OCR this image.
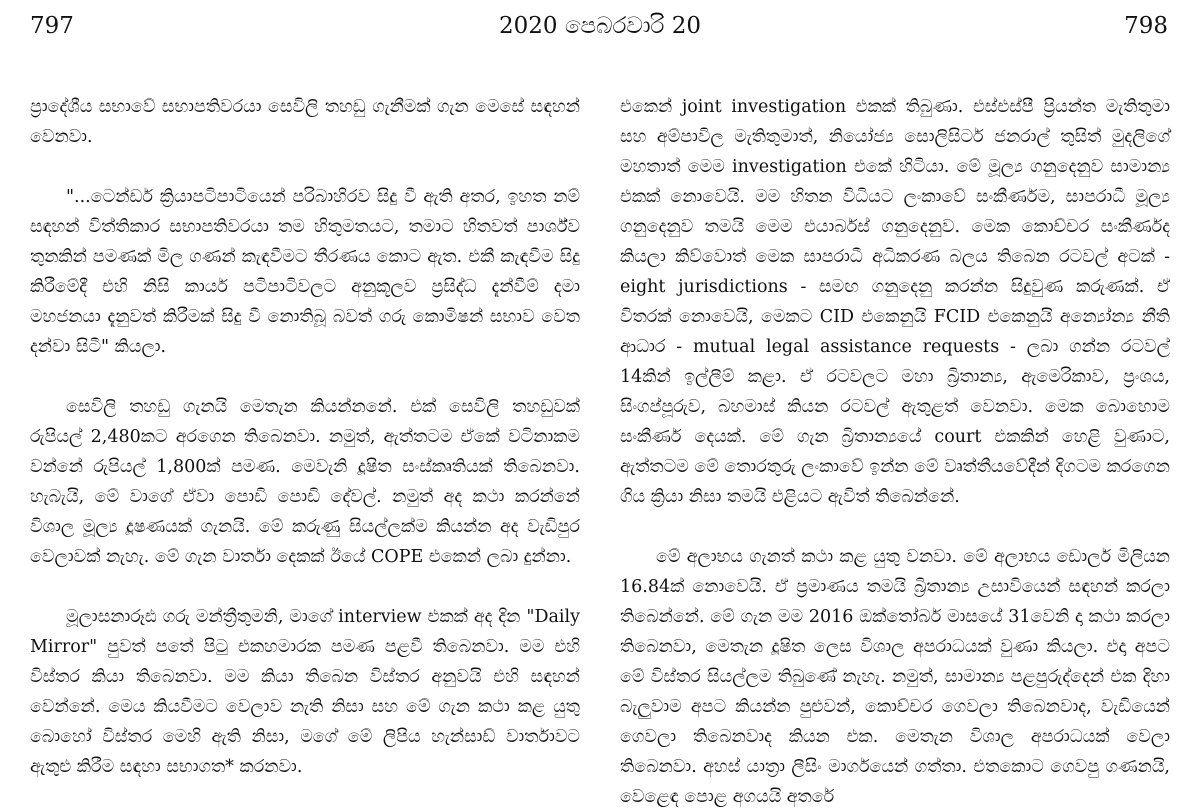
797	2020 පෙබරවාරි 20	798

ප්‍රාදේශීය සභාවේ සභාපතිවරයා සෙවිලි තහඩු ගැනීමක් ගැන මෙසේ සඳහන් වෙනවා.

"...ටෙන්ඩර් ක්‍රියාපටිපාටියෙන් පරිබාහිරව සිදු වී ඇති අතර, ඉහත නම් සඳහන් විත්තිකාර සභාපතිවරයා තම හිතුමතයට, තමාට හිතවත් පාර්ශ්ව තුනකින් පමණක් මිල ගණන් කැඳවීමට තීරණය කොට ඇත. එකී කැඳවීම සිදු කිරීමේදී එහි නිසි කාර්ය පටිපාටිවලට අනුකූලව ප්‍රසිද්ධ දැන්වීම් දමා මහජනයා දැනුවත් කිරීමක් සිදු වී නොතිබූ බවත් ගරු කොමිෂන් සභාව වෙත දන්වා සිටී" කියලා.

සෙවිලි තහඩු ගැනයි මෙතැන කියන්නනේ. එක් සෙවිලි තහඩුවක් රුපියල් 2,480කට අරගෙන තිබෙනවා. නමුත්, ඇත්තටම ඒකේ වටිනාකම වන්නේ රුපියල් 1,800ක් පමණ. මෙවැනි දූෂිත සංස්කෘතියක් තිබෙනවා. හැබැයි, මේ වාගේ ඒවා පොඩි පොඩි දේවල්. නමුත් අද කථා කරන්නේ විශාල මූල්‍ය දූෂණයක් ගැනයි. මේ කරුණු සියල්ලක්ම කියන්න අද වැඩිපුර වෙලාවක් නැහැ. මේ ගැන වාර්තා දෙකක් ඊයේ COPE එකෙන් ලබා දුන්නා.

මූලාසනාරූඪ ගරු මන්ත්‍රීතුමනි, මාගේ interview එකක් අද දින "Daily Mirror" පුවත් පතේ පිටු එකහමාරක පමණ පළවී තිබෙනවා. මම එහි විස්තර කියා තිබෙනවා. මම කියා තිබෙන විස්තර අනුවයි එහි සඳහන් වෙන්නේ. මෙය කියවීමට වෙලාව නැති නිසා සහ මේ ගැන කථා කළ යුතු බොහෝ විස්තර මෙහි ඇති නිසා, මගේ මේ ලිපිය හැන්සාඩ් වාර්තාවට ඇතුළු කිරීම සඳහා සභාගත* කරනවා.

එකෙන් joint investigation එකක් තිබුණා. එස්එස්පී ප්‍රියන්ත මැතිතුමා සහ අම්පාවිල මැතිතුමාත්, නියෝජ්‍ය සොලිසිටර් ජනරාල් තුසිත් මුදලිගේ මහතාත් මෙම investigation එකේ හිටියා. මේ මූල්‍ය ගනුදෙනුව සාමාන්‍ය එකක් නොවෙයි. මම හිතන විධියට ලංකාවේ සංකීර්ණම, සාපරාධී මූල්‍ය ගනුදෙනුව තමයි මෙම එයාර්බස් ගනුදෙනුව. මෙක කොච්චර සංකීර්ණද කියලා කිව්වොත් මෙක සාපරාධී අධිකරණ බලය තිබෙන රටවල් අටක් - eight jurisdictions - සමඟ ගනුදෙනු කරන්න සිදුවුණ කරුණක්. ඒ විතරක් නොවෙයි, මෙකට CID එකෙනුයි FCID එකෙනුයි අන්‍යෝන්‍ය නීති ආධාර - mutual legal assistance requests - ලබා ගන්න රටවල් 14කින් ඉල්ලීම් කළා. ඒ රටවලට මහා බ්‍රිතාන්‍ය, ඇමෙරිකාව, ප්‍රංශය, සිංගප්පූරුව, බහමාස් කියන රටවල් ඇතුළත් වෙනවා. මෙක බොහොම සංකීර්ණ දෙයක්. මේ ගැන බ්‍රිතාන්‍යයේ court එකකින් හෙළි වුණාට, ඇත්තටම මේ තොරතුරු ලංකාවේ ඉන්න මේ වෘත්තීයවේදීන් දිගටම කරගෙන ගිය ක්‍රියා නිසා තමයි එළියට ඇවිත් තිබෙන්නේ.

මේ අලාභය ගැනත් කථා කළ යුතු වනවා. මේ අලාභය ඩොලර් මිලියන 16.84ක් නොවෙයි. ඒ ප්‍රමාණය තමයි බ්‍රිතාන්‍ය උසාවියෙන් සඳහන් කරලා තිබෙන්නේ. මේ ගැන මම 2016 ඔක්තෝබර් මාසයේ 31වෙනි දා කථා කරලා තිබෙනවා, මෙතැන දූෂිත ලෙස විශාල අපරාධයක් වුණා කියලා. එදා අපට මේ විස්තර සියල්ලම තිබුණේ නැහැ. නමුත්, සාමාන්‍ය පළපුරුද්දෙන් එක දිහා බැලුවාම අපට කියන්න පුළුවන්, කොච්චර ගෙවලා තිබෙනවාද, වැඩියෙන් ගෙවලා තිබෙනවාද කියන එක. මෙතැන විශාල අපරාධයක් වෙලා තිබෙනවා. අහස් යාත්‍රා ලීසිං මාර්ගයෙන් ගත්තා. එතකොට ගෙවපු ගණනයි, වෙළෙඳ පොළ අගයයි අතරේ
